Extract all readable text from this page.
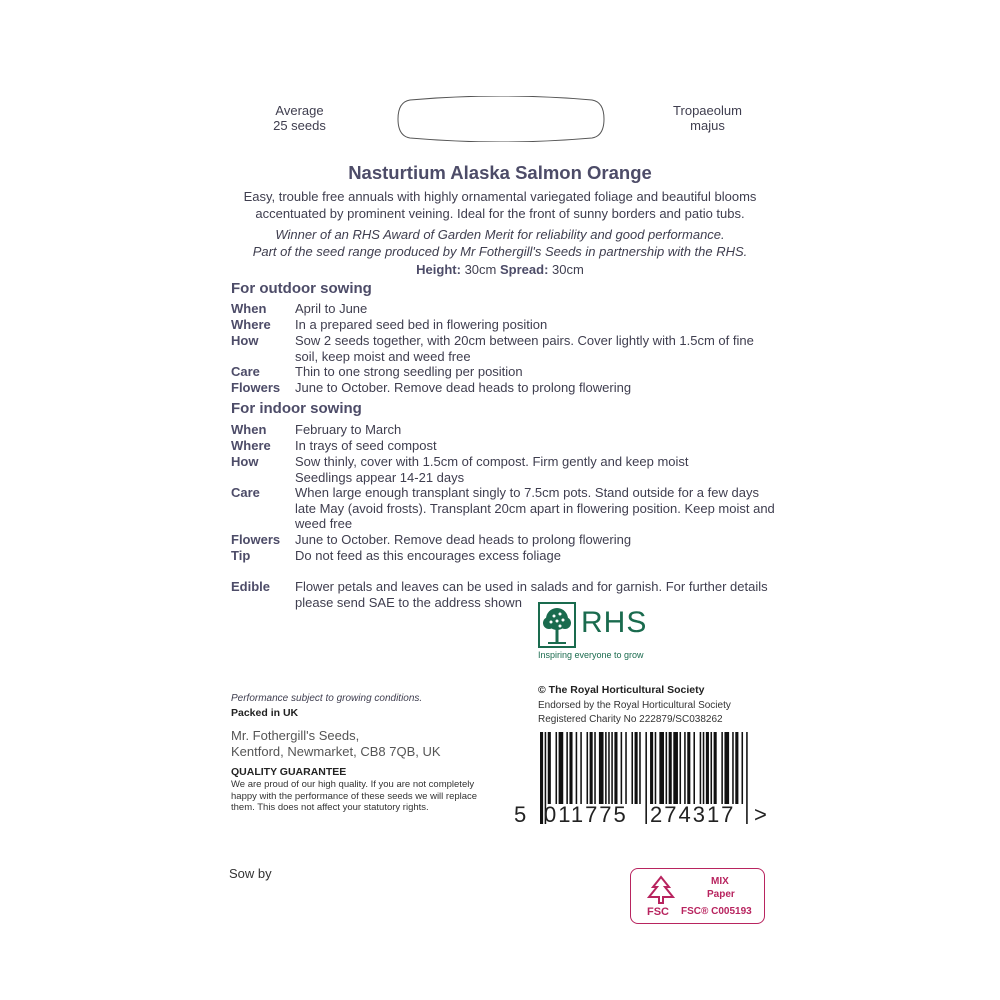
Average
25 seeds
Tropaeolum
majus
Nasturtium Alaska Salmon Orange
Easy, trouble free annuals with highly ornamental variegated foliage and beautiful blooms accentuated by prominent veining. Ideal for the front of sunny borders and patio tubs.
Winner of an RHS Award of Garden Merit for reliability and good performance.
Part of the seed range produced by Mr Fothergill's Seeds in partnership with the RHS.
Height: 30cm Spread: 30cm
For outdoor sowing
When	April to June
Where	In a prepared seed bed in flowering position
How	Sow 2 seeds together, with 20cm between pairs. Cover lightly with 1.5cm of fine soil, keep moist and weed free
Care	Thin to one strong seedling per position
Flowers	June to October. Remove dead heads to prolong flowering
For indoor sowing
When	February to March
Where	In trays of seed compost
How	Sow thinly, cover with 1.5cm of compost. Firm gently and keep moist Seedlings appear 14-21 days
Care	When large enough transplant singly to 7.5cm pots. Stand outside for a few days late May (avoid frosts). Transplant 20cm apart in flowering position. Keep moist and weed free
Flowers	June to October. Remove dead heads to prolong flowering
Tip	Do not feed as this encourages excess foliage
Edible	Flower petals and leaves can be used in salads and for garnish. For further details please send SAE to the address shown
RHS
Inspiring everyone to grow
Performance subject to growing conditions.
Packed in UK
Mr. Fothergill's Seeds,
Kentford, Newmarket, CB8 7QB, UK
QUALITY GUARANTEE
We are proud of our high quality. If you are not completely happy with the performance of these seeds we will replace them. This does not affect your statutory rights.
© The Royal Horticultural Society
Endorsed by the Royal Horticultural Society
Registered Charity No 222879/SC038262
5 011775 274317 >
Sow by
FSC
MIX
Paper
FSC® C005193
